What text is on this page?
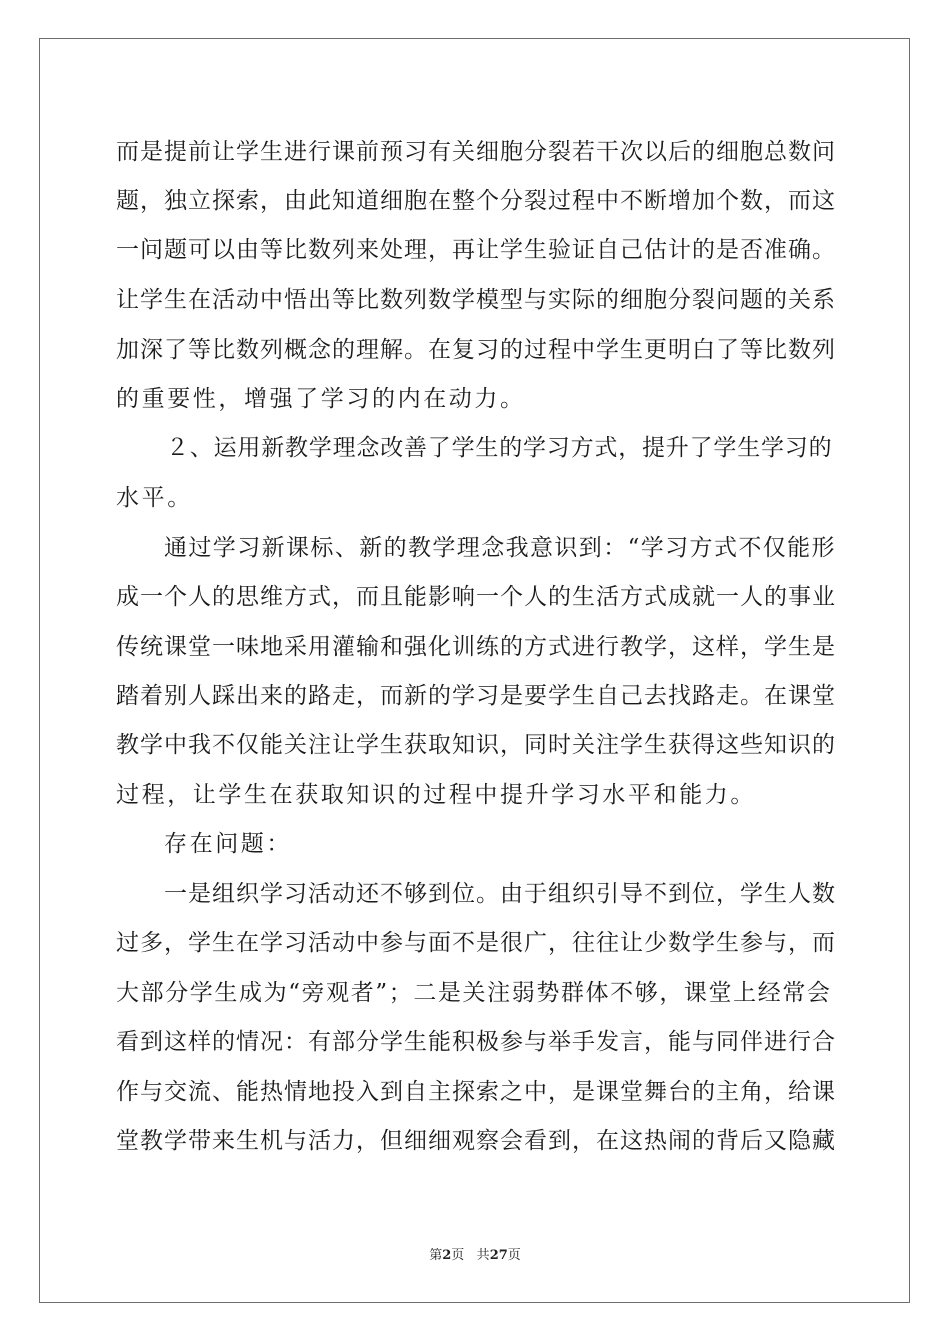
而是提前让学生进行课前预习有关细胞分裂若干次以后的细胞总数问
题，独立探索，由此知道细胞在整个分裂过程中不断增加个数，而这
一问题可以由等比数列来处理，再让学生验证自己估计的是否准确。
让学生在活动中悟出等比数列数学模型与实际的细胞分裂问题的关系
加深了等比数列概念的理解。在复习的过程中学生更明白了等比数列
的重要性，增强了学习的内在动力。
２、运用新教学理念改善了学生的学习方式，提升了学生学习的
水平。
通过学习新课标、新的教学理念我意识到：“学习方式不仅能形
成一个人的思维方式，而且能影响一个人的生活方式成就一人的事业
传统课堂一味地采用灌输和强化训练的方式进行教学，这样，学生是
踏着别人踩出来的路走，而新的学习是要学生自己去找路走。在课堂
教学中我不仅能关注让学生获取知识，同时关注学生获得这些知识的
过程，让学生在获取知识的过程中提升学习水平和能力。
存在问题：
一是组织学习活动还不够到位。由于组织引导不到位，学生人数
过多，学生在学习活动中参与面不是很广，往往让少数学生参与，而
大部分学生成为“旁观者”；二是关注弱势群体不够，课堂上经常会
看到这样的情况：有部分学生能积极参与举手发言，能与同伴进行合
作与交流、能热情地投入到自主探索之中，是课堂舞台的主角，给课
堂教学带来生机与活力，但细细观察会看到，在这热闹的背后又隐藏
第2页 共27页
